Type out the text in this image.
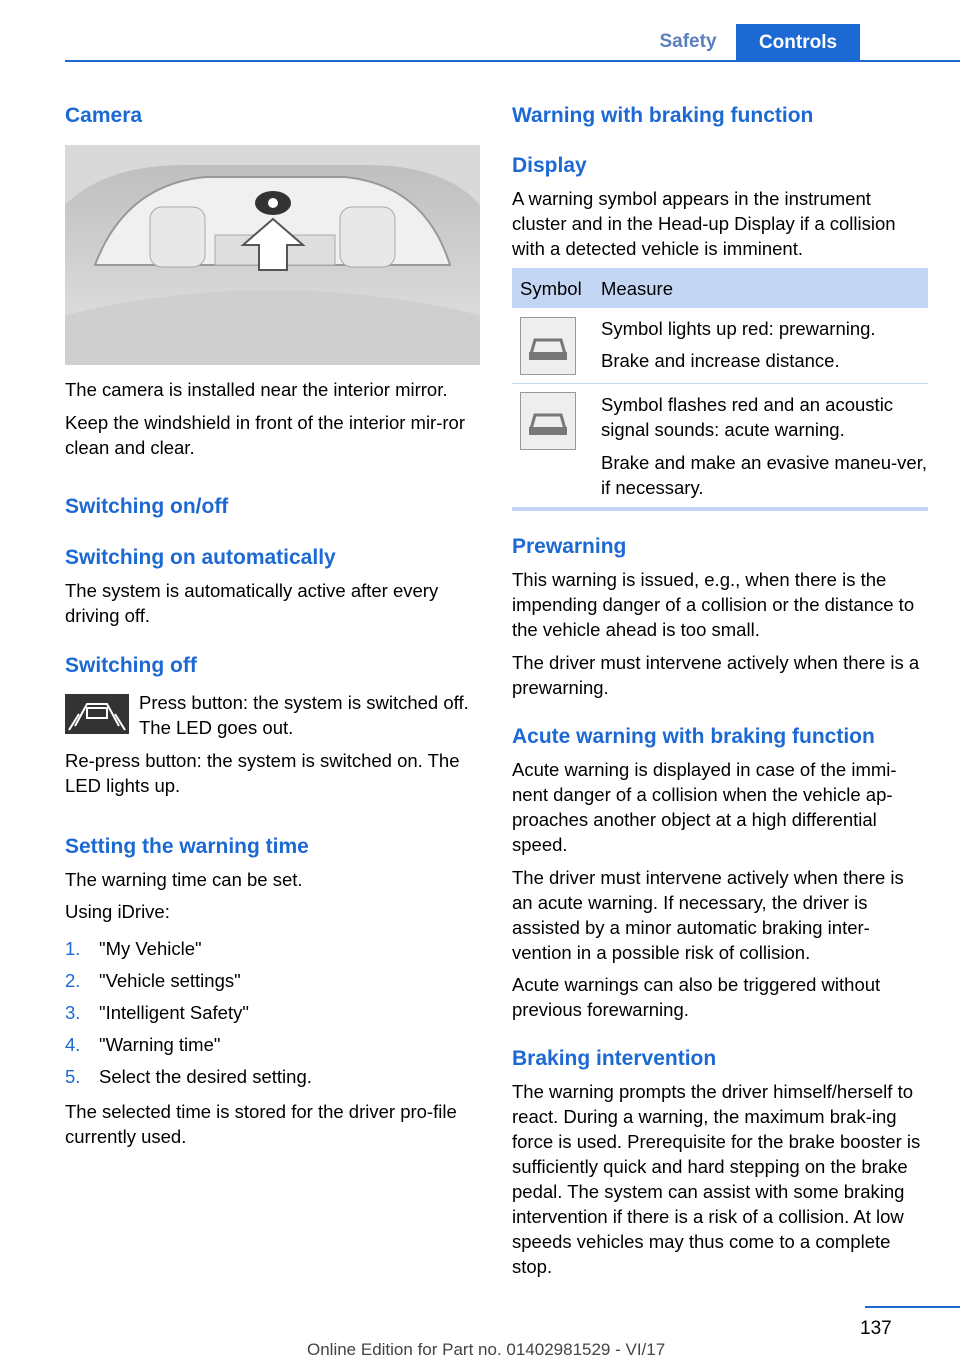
Safety	Controls
Camera

The camera is installed near the interior mirror.

Keep the windshield in front of the interior mir-ror clean and clear.

Switching on/off
Switching on automatically

The system is automatically active after every driving off.

Switching off

Press button: the system is switched off. The LED goes out.

Re-press button: the system is switched on. The LED lights up.

Setting the warning time

The warning time can be set.

Using iDrive:

1. "My Vehicle"
2. "Vehicle settings"
3. "Intelligent Safety"
4. "Warning time"
5. Select the desired setting.

The selected time is stored for the driver pro-file currently used.

Warning with braking function
Display

A warning symbol appears in the instrument cluster and in the Head-up Display if a collision with a detected vehicle is imminent.

Symbol Measure

Symbol lights up red: prewarning.

Brake and increase distance.

Symbol flashes red and an acoustic signal sounds: acute warning.

Brake and make an evasive maneu-ver, if necessary.

Prewarning

This warning is issued, e.g., when there is the impending danger of a collision or the distance to the vehicle ahead is too small.

The driver must intervene actively when there is a prewarning.

Acute warning with braking function

Acute warning is displayed in case of the immi-nent danger of a collision when the vehicle ap-proaches another object at a high differential speed.

The driver must intervene actively when there is an acute warning. If necessary, the driver is assisted by a minor automatic braking inter-vention in a possible risk of collision.

Acute warnings can also be triggered without previous forewarning.

Braking intervention

The warning prompts the driver himself/herself to react. During a warning, the maximum brak-ing force is used. Prerequisite for the brake booster is sufficiently quick and hard stepping on the brake pedal. The system can assist with some braking intervention if there is a risk of a collision. At low speeds vehicles may thus come to a complete stop.

137
Online Edition for Part no. 01402981529 - VI/17
